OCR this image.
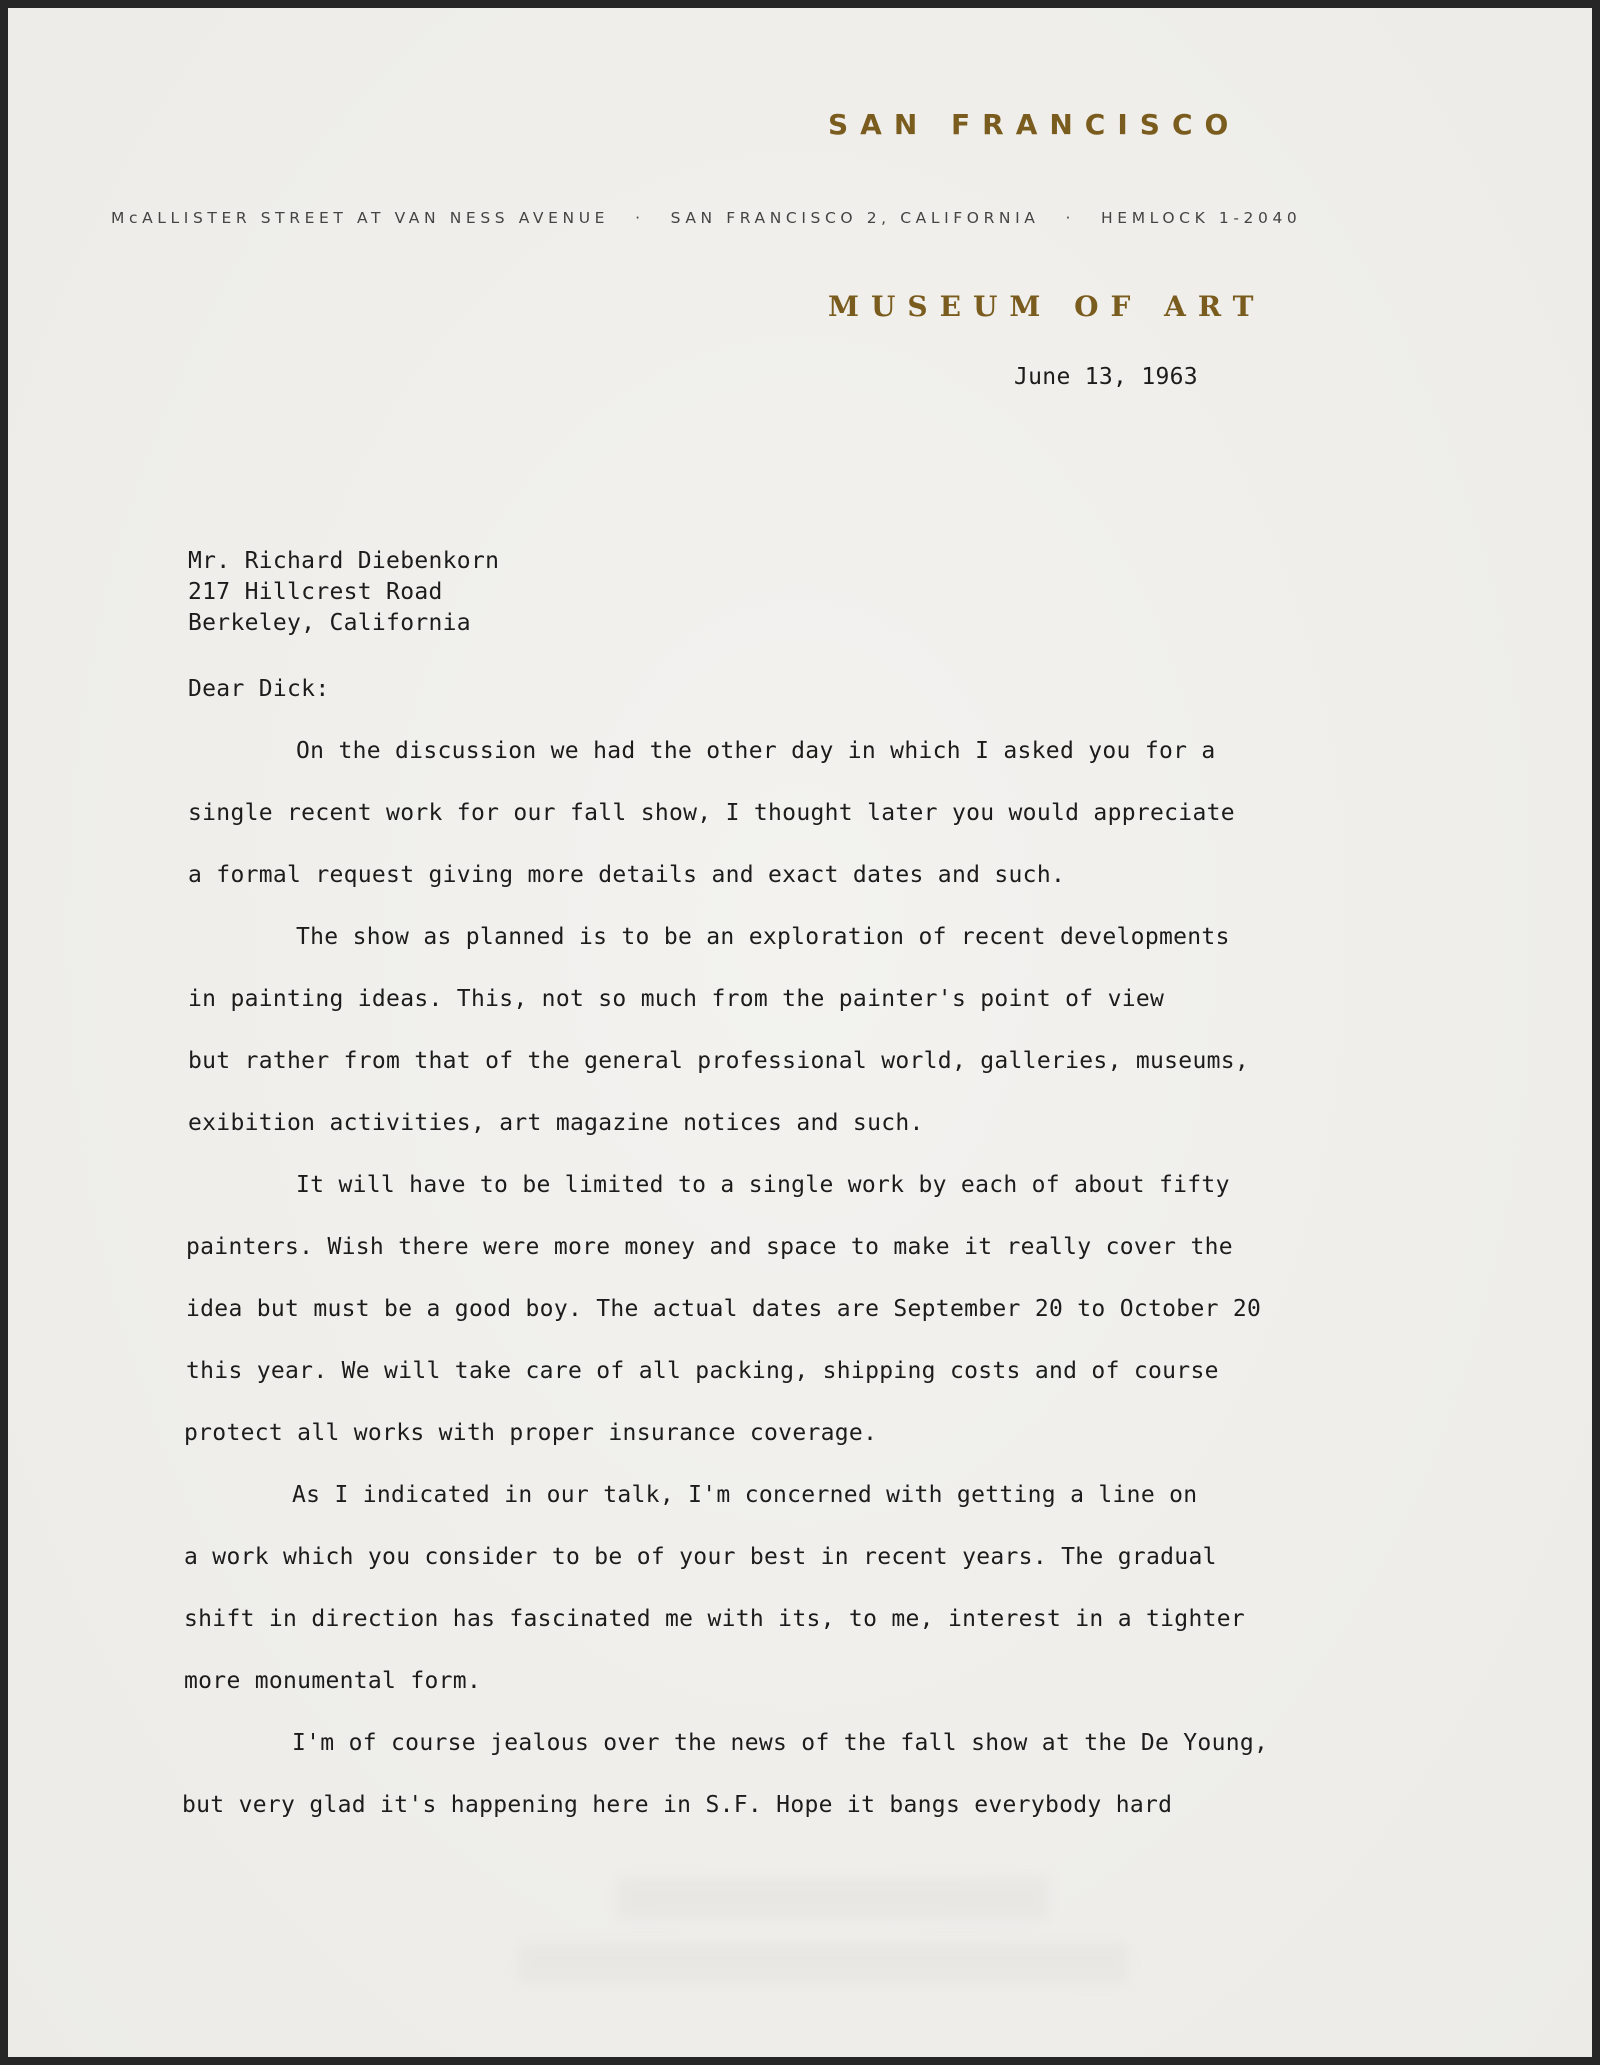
SAN FRANCISCO
McALLISTER STREET AT VAN NESS AVENUE · SAN FRANCISCO 2, CALIFORNIA · HEMLOCK 1-2040
MUSEUM OF ART
June 13, 1963
Mr. Richard Diebenkorn
217 Hillcrest Road
Berkeley, California
Dear Dick:
On the discussion we had the other day in which I asked you for a
single recent work for our fall show, I thought later you would appreciate
a formal request giving more details and exact dates and such.
The show as planned is to be an exploration of recent developments
in painting ideas. This, not so much from the painter's point of view
but rather from that of the general professional world, galleries, museums,
exibition activities, art magazine notices and such.
It will have to be limited to a single work by each of about fifty
painters. Wish there were more money and space to make it really cover the
idea but must be a good boy. The actual dates are September 20 to October 20
this year. We will take care of all packing, shipping costs and of course
protect all works with proper insurance coverage.
As I indicated in our talk, I'm concerned with getting a line on
a work which you consider to be of your best in recent years. The gradual
shift in direction has fascinated me with its, to me, interest in a tighter
more monumental form.
I'm of course jealous over the news of the fall show at the De Young,
but very glad it's happening here in S.F. Hope it bangs everybody hard
